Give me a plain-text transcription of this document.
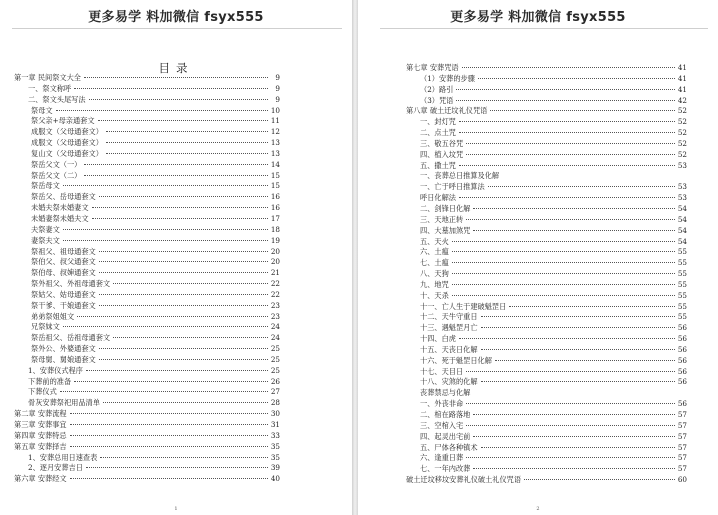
更多易学 料加微信 fsyx555
目录
第一章 民间祭文大全	9
一、祭文称呼	9
二、祭文头尾写法	9
祭母文	10
祭父亲+母亲通套文	11
成服文（父母通套文）	12
成服文（父母通套文）	13
复山文（父母通套文）	13
祭岳父文（一）	14
祭岳父文（二）	15
祭岳母文	15
祭岳父、岳母通套文	16
未婚夫祭未婚妻文	16
未婚妻祭未婚夫文	17
夫祭妻文	18
妻祭夫文	19
祭祖父、祖母通套文	20
祭伯父、叔父通套文	20
祭伯母、叔婶通套文	21
祭外祖父、外祖母通套文	22
祭姑父、姑母通套文	22
祭干爹、干娘通套文	23
弟弟祭姐姐文	23
兄祭妹文	24
祭岳祖父、岳祖母通套文	24
祭外公、外婆通套文	25
祭母舅、舅娘通套文	25
1、安葬仪式程序	25
下葬前的准备	26
下葬仪式	27
骨灰安葬祭祀用品清单	28
第二章 安葬流程	30
第三章 安葬事宜	31
第四章 安葬特忌	33
第五章 安葬择吉	35
1、安葬总用日速查表	35
2、逐月安葬吉日	39
第六章 安葬经文	40
1
更多易学 料加微信 fsyx555
第七章 安葬咒语	41
（1）安葬的步骤	41
（2）路引	41
（3）咒语	42
第八章 破土迁坟礼仪咒语	52
一、封灯咒	52
二、点土咒	52
三、敬五谷咒	52
四、植入坟咒	52
五、撒土咒	53
一、丧葬总日推算及化解
一、亡于呼日推算法	53
呼日化解法	53
二、剑锋日化解	54
三、天地正转	54
四、大墓加煞咒	54
五、天火	54
六、土瘟	55
七、土瘟	55
八、天狗	55
九、地咒	55
十、天杀	55
十一、亡人生于建破魁罡日	55
十二、天牛守重日	55
十三、遇魁罡月亡	56
十四、白虎	56
十五、天丧日化解	56
十六、死于魁罡日化解	56
十七、天目日	56
十八、灾煞的化解	56
丧葬禁忌与化解
一、外丧非命	56
二、棺在路落地	57
三、空棺入宅	57
四、起灵出宅前	57
五、尸体各种镇术	57
六、逢重日葬	57
七、一年内改葬	57
破土迁坟移坟安葬礼仪破土礼仪咒语	60
2
